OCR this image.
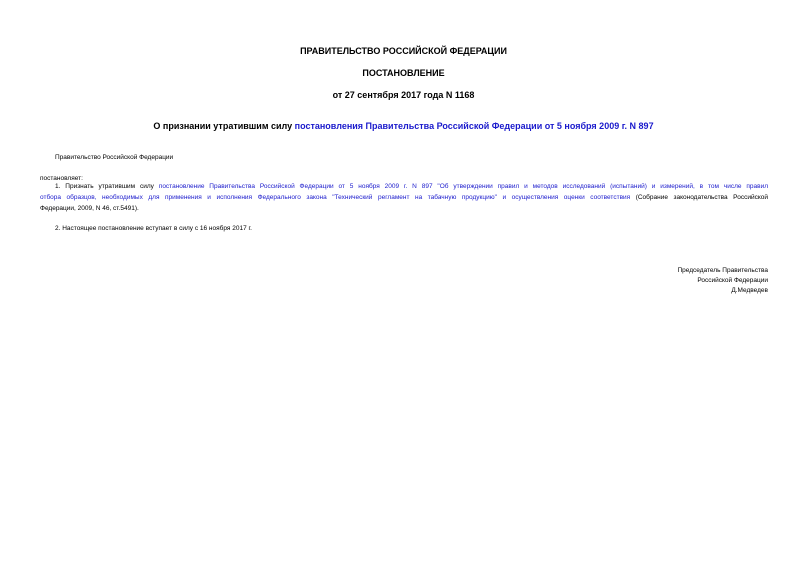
ПРАВИТЕЛЬСТВО РОССИЙСКОЙ ФЕДЕРАЦИИ
ПОСТАНОВЛЕНИЕ
от 27 сентября 2017 года N 1168
О признании утратившим силу постановления Правительства Российской Федерации от 5 ноября 2009 г. N 897
Правительство Российской Федерации
постановляет:
1. Признать утратившим силу постановление Правительства Российской Федерации от 5 ноября 2009 г. N 897 "Об утверждении правил и методов исследований (испытаний) и измерений, в том числе правил
отбора образцов, необходимых для применения и исполнения Федерального закона "Технический регламент на табачную продукцию" и осуществления оценки соответствия (Собрание законодательства Российской
Федерации, 2009, N 46, ст.5491).
2. Настоящее постановление вступает в силу с 16 ноября 2017 г.
Председатель Правительства
Российской Федерации
Д.Медведев
